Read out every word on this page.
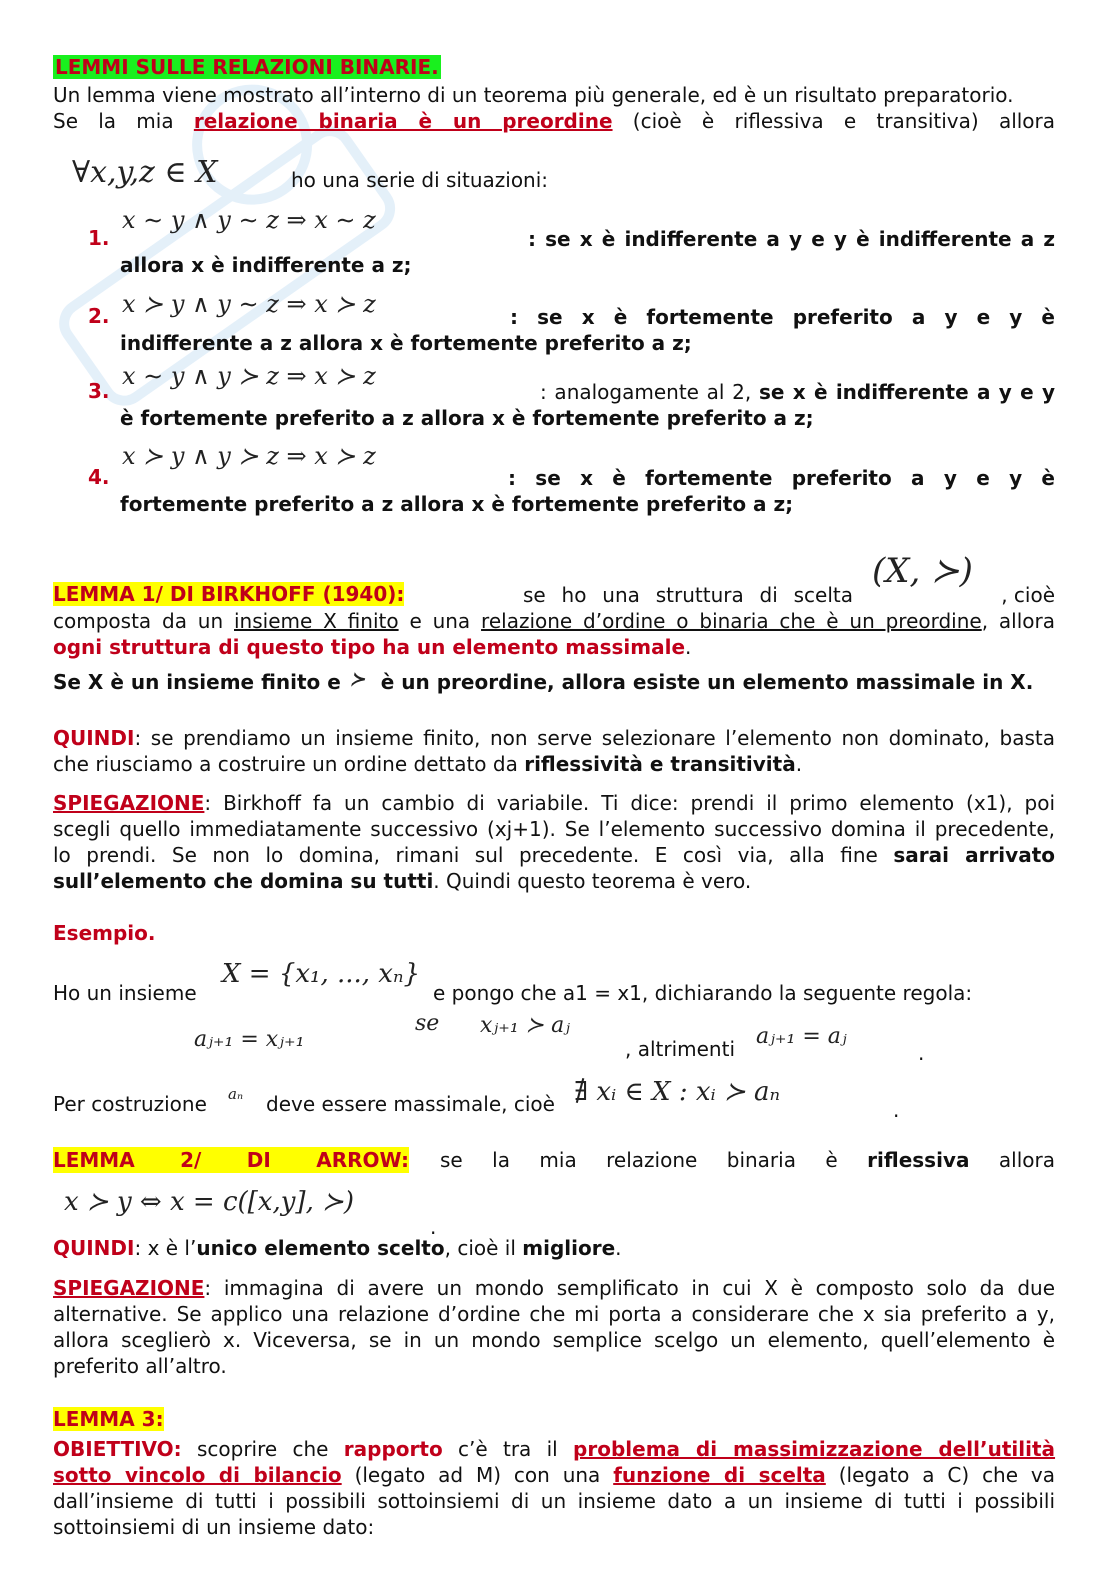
LEMMI SULLE RELAZIONI BINARIE.
Un lemma viene mostrato all’interno di un teorema più generale, ed è un risultato preparatorio.
Se la mia relazione binaria è un preordine (cioè è riflessiva e transitiva) allora
∀x,y,z ∈ X	ho una serie di situazioni:
x ∼ y ∧ y ∼ z ⇒ x ∼ z
1.	: se x è indifferente a y e y è indifferente a z
allora x è indifferente a z;
x ≻ y ∧ y ∼ z ⇒ x ≻ z
2.	: se x è fortemente preferito a y e y è
indifferente a z allora x è fortemente preferito a z;
x ∼ y ∧ y ≻ z ⇒ x ≻ z
3.	: analogamente al 2, se x è indifferente a y e y
è fortemente preferito a z allora x è fortemente preferito a z;
x ≻ y ∧ y ≻ z ⇒ x ≻ z
4.	: se x è fortemente preferito a y e y è
fortemente preferito a z allora x è fortemente preferito a z;
LEMMA 1/ DI BIRKHOFF (1940):	se ho una struttura di scelta
(X, ≻)
, cioè
composta da un insieme X finito e una relazione d’ordine o binaria che è un preordine, allora
ogni struttura di questo tipo ha un elemento massimale.
Se X è un insieme finito e ≻ è un preordine, allora esiste un elemento massimale in X.
QUINDI: se prendiamo un insieme finito, non serve selezionare l’elemento non dominato, basta
che riusciamo a costruire un ordine dettato da riflessività e transitività.
SPIEGAZIONE: Birkhoff fa un cambio di variabile. Ti dice: prendi il primo elemento (x1), poi
scegli quello immediatamente successivo (xj+1). Se l’elemento successivo domina il precedente,
lo prendi. Se non lo domina, rimani sul precedente. E così via, alla fine sarai arrivato
sull’elemento che domina su tutti. Quindi questo teorema è vero.
Esempio.
Ho un insieme
X = {x₁, ..., xₙ}
e pongo che a1 = x1, dichiarando la seguente regola:
aⱼ₊₁ = xⱼ₊₁
se xⱼ₊₁ ≻ aⱼ
, altrimenti aⱼ₊₁ = aⱼ
.
Per costruzione aₙ deve essere massimale, cioè ∄ xᵢ ∈ X : xᵢ ≻ aₙ
.
LEMMA 2/ DI ARROW: se la mia relazione binaria è riflessiva allora
x ≻ y ⇔ x = c([x,y], ≻)
.
QUINDI: x è l’unico elemento scelto, cioè il migliore.
SPIEGAZIONE: immagina di avere un mondo semplificato in cui X è composto solo da due
alternative. Se applico una relazione d’ordine che mi porta a considerare che x sia preferito a y,
allora sceglierò x. Viceversa, se in un mondo semplice scelgo un elemento, quell’elemento è
preferito all’altro.
LEMMA 3:
OBIETTIVO: scoprire che rapporto c’è tra il problema di massimizzazione dell’utilità
sotto vincolo di bilancio (legato ad M) con una funzione di scelta (legato a C) che va
dall’insieme di tutti i possibili sottoinsiemi di un insieme dato a un insieme di tutti i possibili
sottoinsiemi di un insieme dato:
